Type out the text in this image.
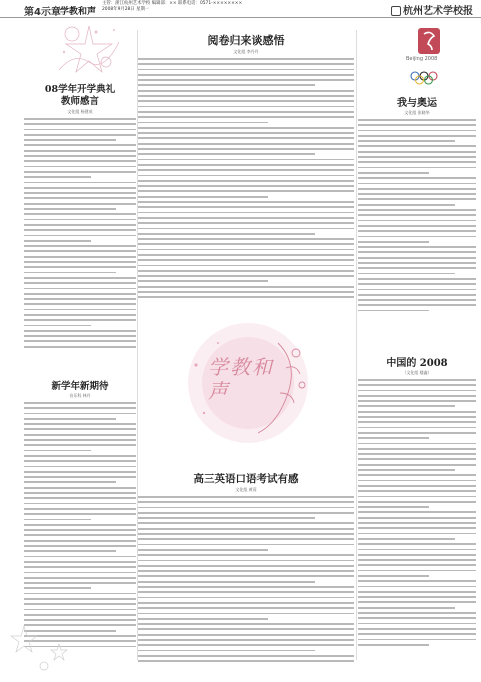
第4示章 学教和声
主管：浙江杭州艺术学校 编辑部：×× 联系电话：0571-××××××××
2008年9月28日 星期一	杭州艺术学校报
Beijing 2008
08学年开学典礼
教师感言
文化组 杨建英
新学年新期待
音乐科 林丹
阅卷归来谈感悟
文化组 李丹丹
学教和声
高三英语口语考试有感
文化组 黄蓉
我与奥运
文化组 张晓华
中国的 2008
（文化组 楼鑫）
